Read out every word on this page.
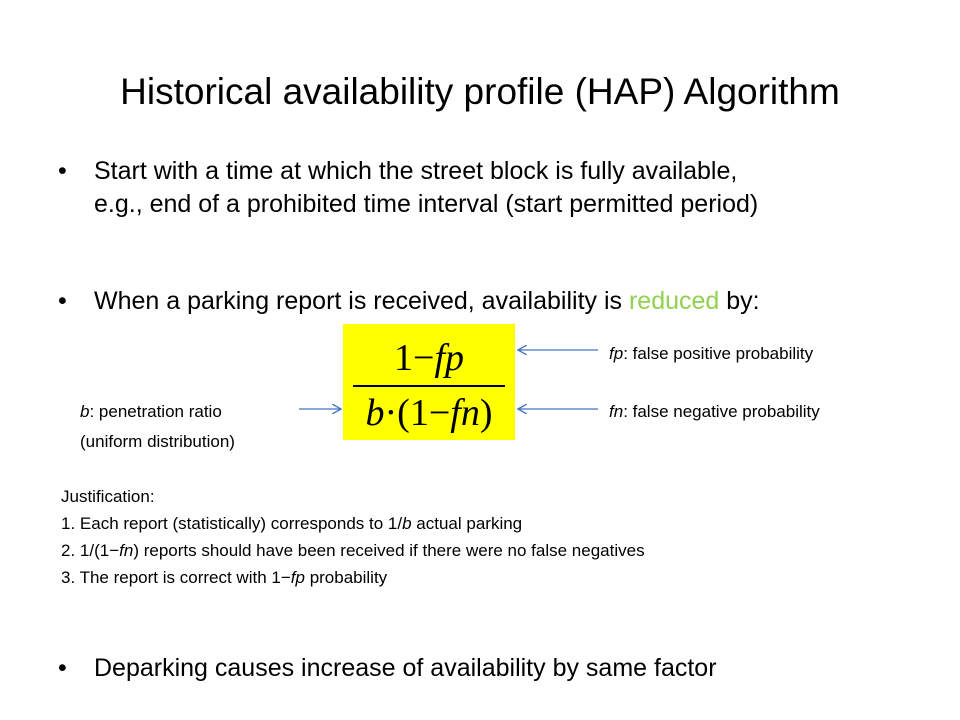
Historical availability profile (HAP) Algorithm
• Start with a time at which the street block is fully available,
e.g., end of a prohibited time interval (start permitted period)
• When a parking report is received, availability is reduced by:
1−fp
b·(1−fn)
fp: false positive probability
fn: false negative probability
b: penetration ratio
(uniform distribution)
Justification:
1. Each report (statistically) corresponds to 1/b actual parking
2. 1/(1−fn) reports should have been received if there were no false negatives
3. The report is correct with 1−fp probability
• Deparking causes increase of availability by same factor
